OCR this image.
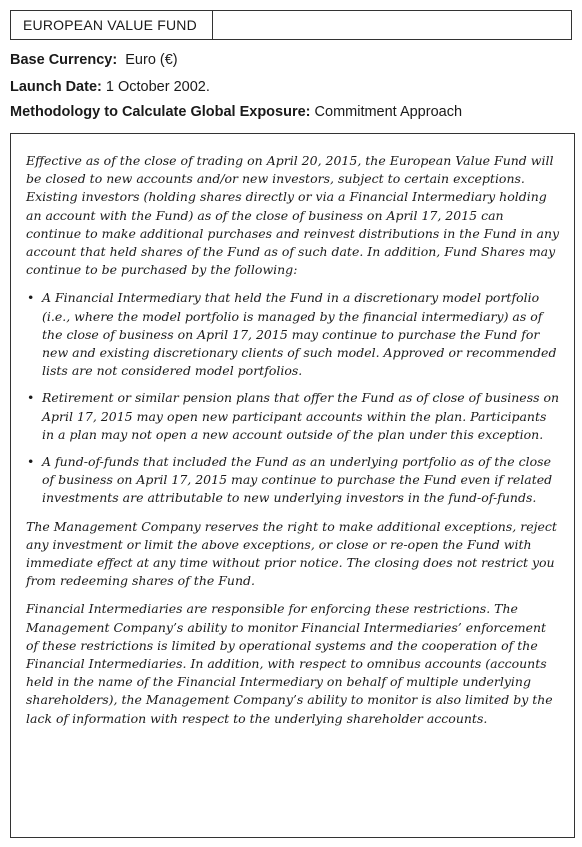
EUROPEAN VALUE FUND
Base Currency: Euro (€)
Launch Date: 1 October 2002.
Methodology to Calculate Global Exposure: Commitment Approach

Effective as of the close of trading on April 20, 2015, the European Value Fund will be closed to new accounts and/or new investors, subject to certain exceptions. Existing investors (holding shares directly or via a Financial Intermediary holding an account with the Fund) as of the close of business on April 17, 2015 can continue to make additional purchases and reinvest distributions in the Fund in any account that held shares of the Fund as of such date. In addition, Fund Shares may continue to be purchased by the following:

• A Financial Intermediary that held the Fund in a discretionary model portfolio (i.e., where the model portfolio is managed by the financial intermediary) as of the close of business on April 17, 2015 may continue to purchase the Fund for new and existing discretionary clients of such model. Approved or recommended lists are not considered model portfolios.
• Retirement or similar pension plans that offer the Fund as of close of business on April 17, 2015 may open new participant accounts within the plan. Participants in a plan may not open a new account outside of the plan under this exception.
• A fund-of-funds that included the Fund as an underlying portfolio as of the close of business on April 17, 2015 may continue to purchase the Fund even if related investments are attributable to new underlying investors in the fund-of-funds.

The Management Company reserves the right to make additional exceptions, reject any investment or limit the above exceptions, or close or re-open the Fund with immediate effect at any time without prior notice. The closing does not restrict you from redeeming shares of the Fund.

Financial Intermediaries are responsible for enforcing these restrictions. The Management Company’s ability to monitor Financial Intermediaries’ enforcement of these restrictions is limited by operational systems and the cooperation of the Financial Intermediaries. In addition, with respect to omnibus accounts (accounts held in the name of the Financial Intermediary on behalf of multiple underlying shareholders), the Management Company’s ability to monitor is also limited by the lack of information with respect to the underlying shareholder accounts.
